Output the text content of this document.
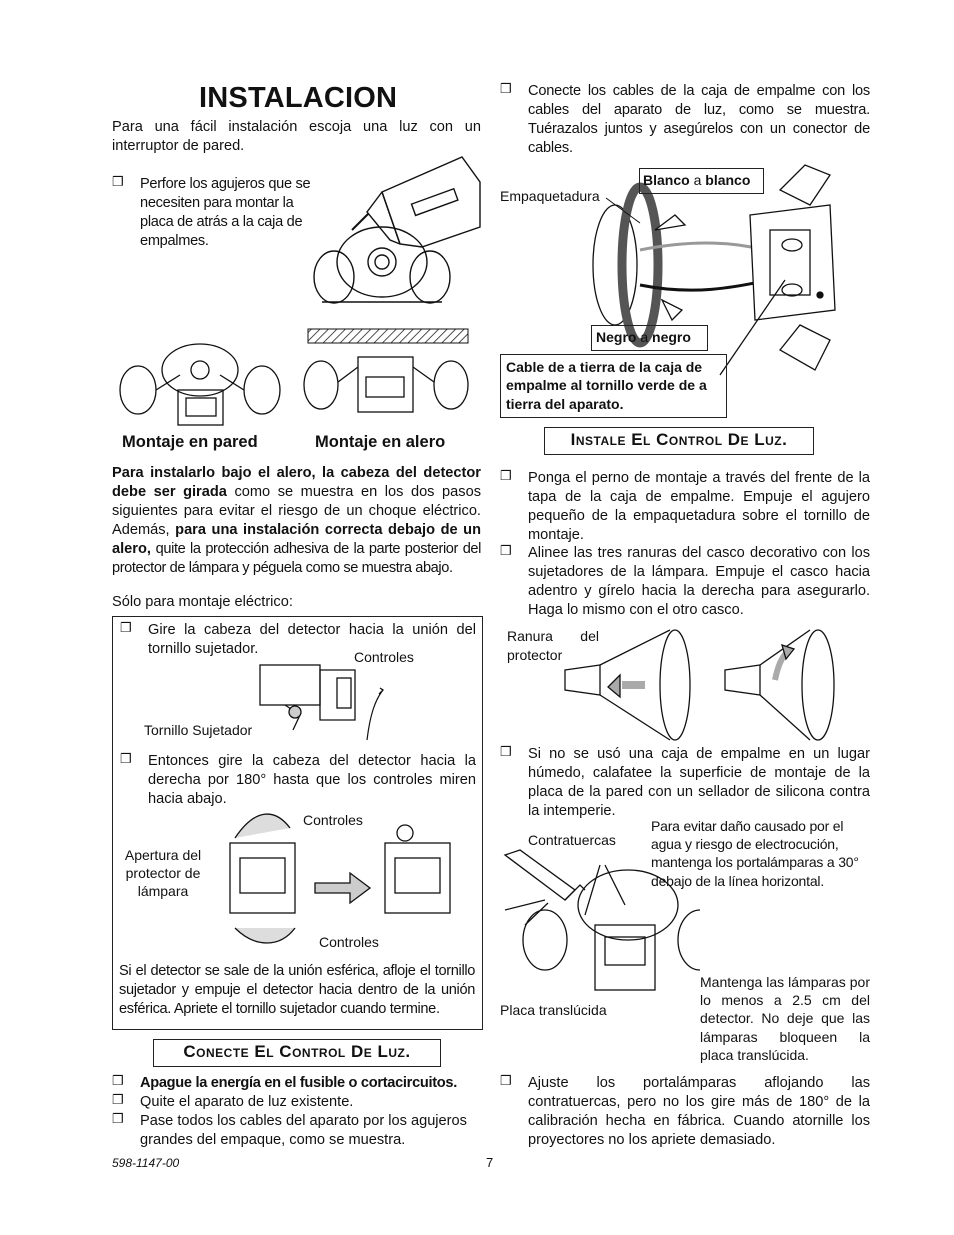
INSTALACION
Para una fácil instalación escoja una luz con un interruptor de pared.
❒
Perfore los agujeros que se necesiten para montar la placa de atrás a la caja de empalmes.
Montaje en pared	Montaje en alero
Para instalarlo bajo el alero, la cabeza del detector debe ser girada como se muestra en los dos pasos siguientes para evitar el riesgo de un choque eléctrico. Además, para una instalación correcta debajo de un alero, quite la protección adhesiva de la parte posterior del protector de lámpara y péguela como se muestra abajo.
Sólo para montaje eléctrico:
❒
Gire la cabeza del detector hacia la unión del tornillo sujetador.
Controles
Tornillo Sujetador
❒
Entonces gire la cabeza del detector hacia la derecha por 180° hasta que los controles miren hacia abajo.
Controles
Apertura del protector de lámpara
Controles
Si el detector se sale de la unión esférica, afloje el tornillo sujetador y empuje el detector hacia dentro de la unión esférica. Apriete el tornillo sujetador cuando termine.
Conecte El Control De Luz.
❒
Apague la energía en el fusible o cortacircuitos.
❒
Quite el aparato de luz existente.
❒
Pase todos los cables del aparato por los agujeros grandes del empaque, como se muestra.
598-1147-00	7
❒
Conecte los cables de la caja de empalme con los cables del aparato de luz, como se muestra. Tuérazalos juntos y asegúrelos con un conector de cables.
Empaquetadura
Blanco a blanco
Negro a negro
Cable de a tierra de la caja de empalme al tornillo verde de a tierra del aparato.
Instale El Control De Luz.
❒
Ponga el perno de montaje a través del frente de la tapa de la caja de empalme. Empuje el agujero pequeño de la empaquetadura sobre el tornillo de montaje.
❒
Alinee las tres ranuras del casco decorativo con los sujetadores de la lámpara. Empuje el casco hacia adentro y gírelo hacia la derecha para asegurarlo. Haga lo mismo con el otro casco.
Ranura del protector
❒
Si no se usó una caja de empalme en un lugar húmedo, calafatee la superficie de montaje de la placa de la pared con un sellador de silicona contra la intemperie.
Contratuercas
Para evitar daño causado por el agua y riesgo de electrocución, mantenga los portalámparas a 30° debajo de la línea horizontal.
Placa translúcida
Mantenga las lámparas por lo menos a 2.5 cm del detector. No deje que las lámparas bloqueen la placa translúcida.
❒
Ajuste los portalámparas aflojando las contratuercas, pero no los gire más de 180° de la calibración hecha en fábrica. Cuando atornille los proyectores no los apriete demasiado.
